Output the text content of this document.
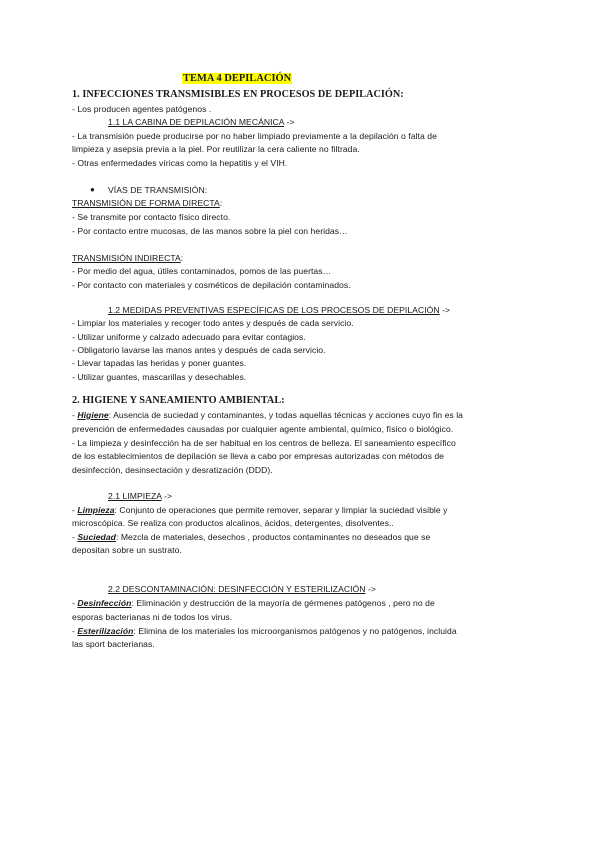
TEMA 4 DEPILACIÓN
1. INFECCIONES TRANSMISIBLES EN PROCESOS DE DEPILACIÓN:
- Los producen agentes patógenos .
1.1 LA CABINA DE DEPILACIÓN MECÁNICA ->
- La transmisión puede producirse por no haber limpiado previamente a la depilación o falta de
limpieza y asepsia previa a la piel. Por reutilizar la cera caliente no filtrada.
- Otras enfermedades víricas como la hepatitis y el VIH.
● VÍAS DE TRANSMISIÓN:
TRANSMISIÓN DE FORMA DIRECTA:
- Se transmite por contacto físico directo.
- Por contacto entre mucosas, de las manos sobre la piel con heridas…
TRANSMISIÓN INDIRECTA:
- Por medio del agua, útiles contaminados, pomos de las puertas…
- Por contacto con materiales y cosméticos de depilación contaminados.
1.2 MEDIDAS PREVENTIVAS ESPECÍFICAS DE LOS PROCESOS DE DEPILACIÓN ->
- Limpiar los materiales y recoger todo antes y después de cada servicio.
- Utilizar uniforme y calzado adecuado para evitar contagios.
- Obligatorio lavarse las manos antes y después de cada servicio.
- Llevar tapadas las heridas y poner guantes.
- Utilizar guantes, mascarillas y desechables.
2. HIGIENE Y SANEAMIENTO AMBIENTAL:
- Higiene: Ausencia de suciedad y contaminantes, y todas aquellas técnicas y acciones cuyo fin es la
prevención de enfermedades causadas por cualquier agente ambiental, químico, físico o biológico.
- La limpieza y desinfección ha de ser habitual en los centros de belleza. El saneamiento específico
de los establecimientos de depilación se lleva a cabo por empresas autorizadas con métodos de
desinfección, desinsectación y desratización (DDD).
2.1 LIMPIEZA ->
- Limpieza: Conjunto de operaciones que permite remover, separar y limpiar la suciedad visible y
microscópica. Se realiza con productos alcalinos, ácidos, detergentes, disolventes..
- Suciedad: Mezcla de materiales, desechos , productos contaminantes no deseados que se
depositan sobre un sustrato.
2.2 DESCONTAMINACIÓN: DESINFECCIÓN Y ESTERILIZACIÓN ->
- Desinfección: Eliminación y destrucción de la mayoría de gérmenes patógenos , pero no de
esporas bacterianas ni de todos los virus.
- Esterilización: Elimina de los materiales los microorganismos patógenos y no patógenos, incluida
las sport bacterianas.
